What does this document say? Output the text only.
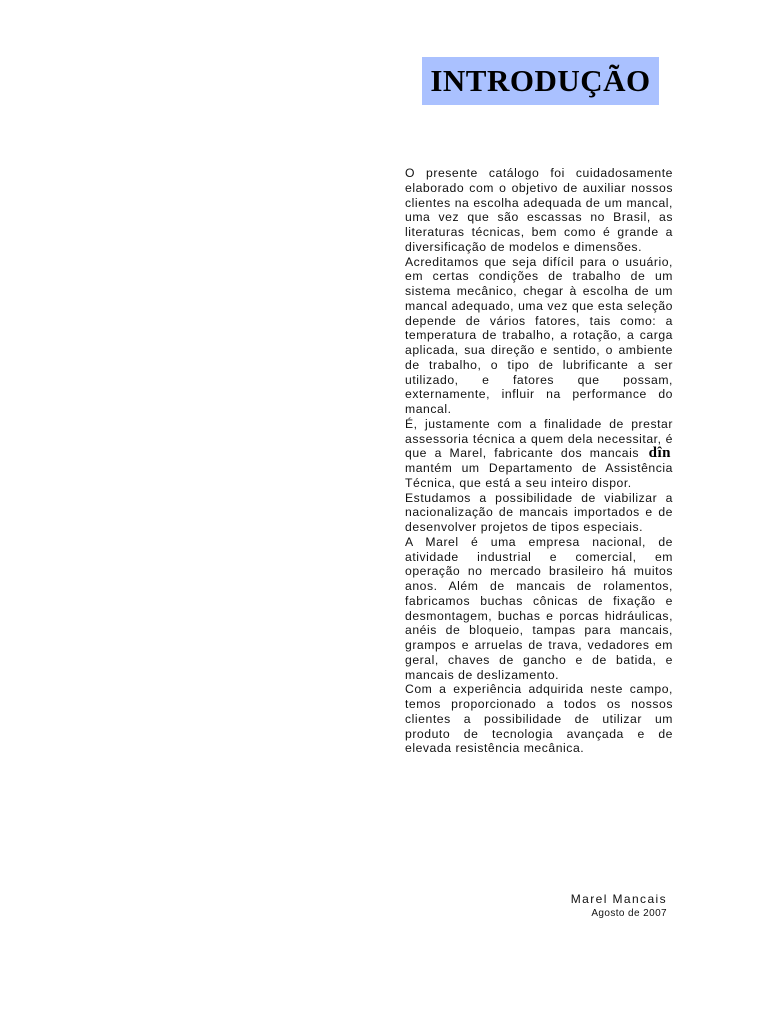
INTRODUÇÃO

O presente catálogo foi cuidadosamente elaborado com o objetivo de auxiliar nossos clientes na escolha adequada de um mancal, uma vez que são escassas no Brasil, as literaturas técnicas, bem como é grande a diversificação de modelos e dimensões.

Acreditamos que seja difícil para o usuário, em certas condições de trabalho de um sistema mecânico, chegar à escolha de um mancal adequado, uma vez que esta seleção depende de vários fatores, tais como: a temperatura de trabalho, a rotação, a carga aplicada, sua direção e sentido, o ambiente de trabalho, o tipo de lubrificante a ser utilizado, e fatores que possam, externamente, influir na performance do mancal.

É, justamente com a finalidade de prestar assessoria técnica a quem dela necessitar, é que a Marel, fabricante dos mancais dîn mantém um Departamento de Assistência Técnica, que está a seu inteiro dispor.

Estudamos a possibilidade de viabilizar a nacionalização de mancais importados e de desenvolver projetos de tipos especiais.

A Marel é uma empresa nacional, de atividade industrial e comercial, em operação no mercado brasileiro há muitos anos. Além de mancais de rolamentos, fabricamos buchas cônicas de fixação e desmontagem, buchas e porcas hidráulicas, anéis de bloqueio, tampas para mancais, grampos e arruelas de trava, vedadores em geral, chaves de gancho e de batida, e mancais de deslizamento.

Com a experiência adquirida neste campo, temos proporcionado a todos os nossos clientes a possibilidade de utilizar um produto de tecnologia avançada e de elevada resistência mecânica.

Marel Mancais
Agosto de 2007
